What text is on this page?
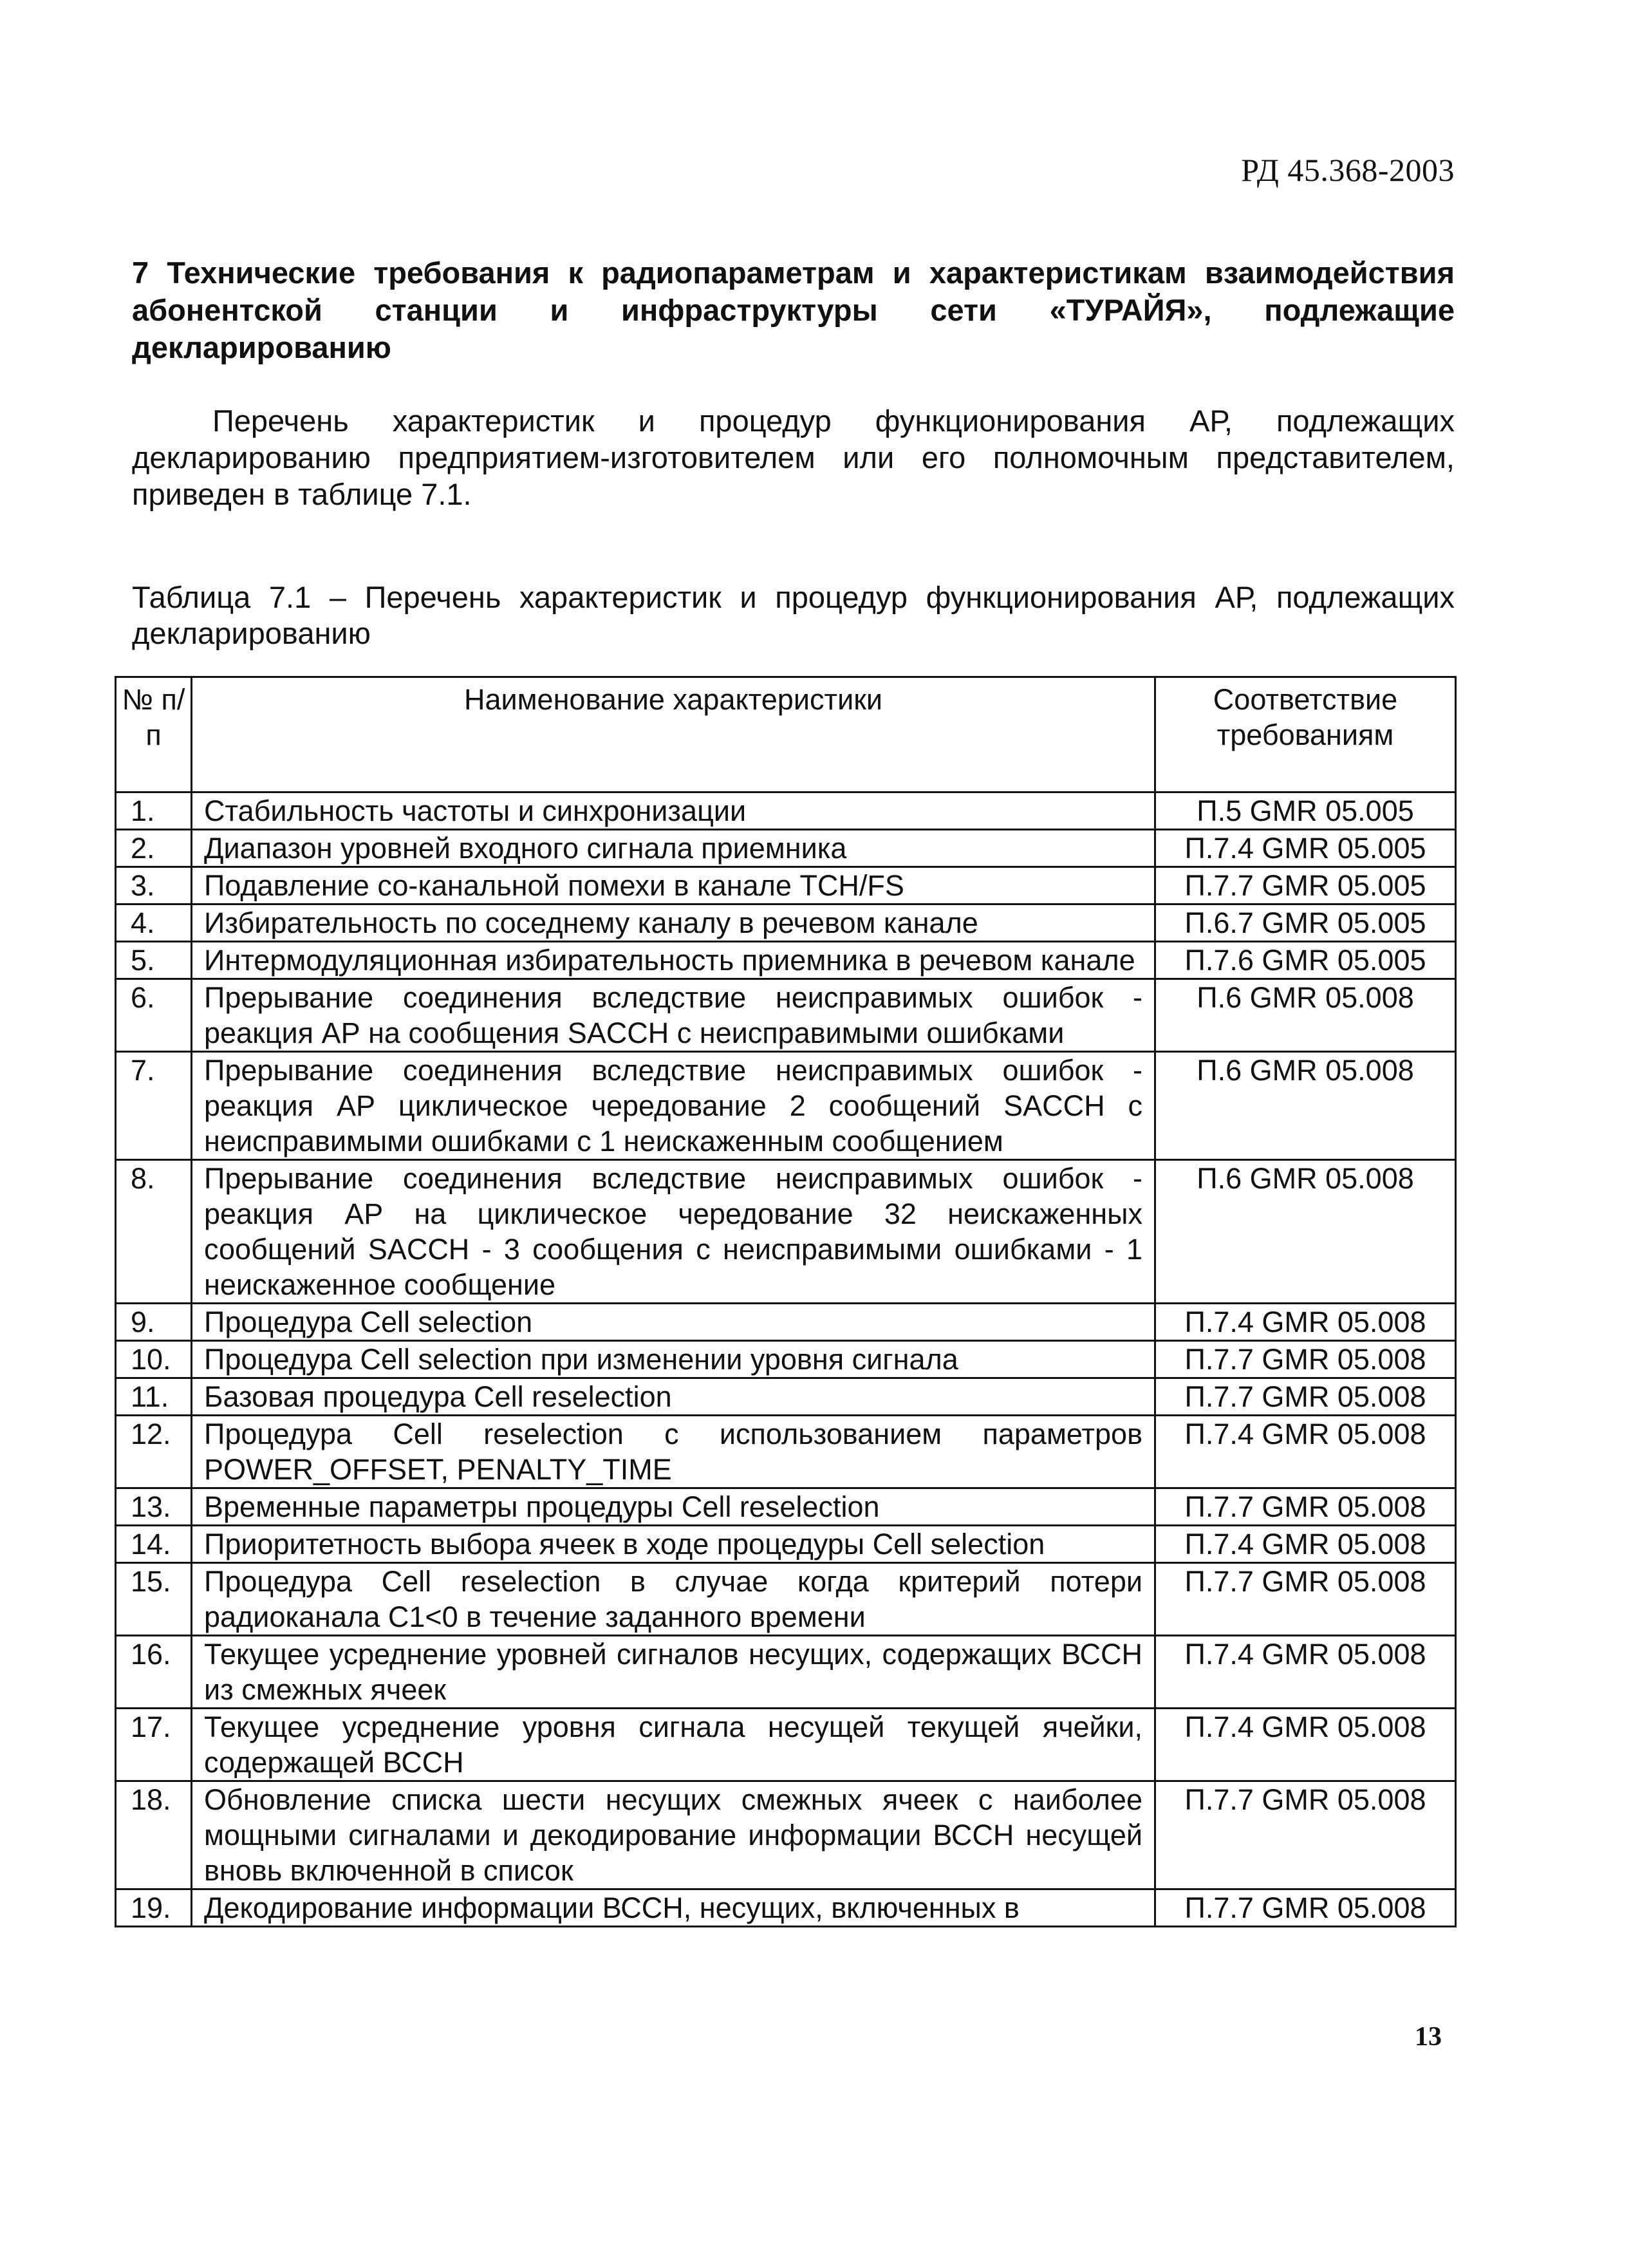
РД 45.368-2003
7 Технические требования к радиопараметрам и характеристикам взаимодействия абонентской станции и инфраструктуры сети «ТУРАЙЯ», подлежащие декларированию

Перечень характеристик и процедур функционирования АР, подлежащих декларированию предприятием-изготовителем или его полномочным представителем, приведен в таблице 7.1.

Таблица 7.1 – Перечень характеристик и процедур функционирования АР, подлежащих декларированию
№ п/п	Наименование характеристики	Соответствие требованиям
1.	Стабильность частоты и синхронизации	П.5 GMR 05.005
2.	Диапазон уровней входного сигнала приемника	П.7.4 GMR 05.005
3.	Подавление со-канальной помехи в канале TCH/FS	П.7.7 GMR 05.005
4.	Избирательность по соседнему каналу в речевом канале	П.6.7 GMR 05.005
5.	Интермодуляционная избирательность приемника в речевом канале	П.7.6 GMR 05.005
6.	Прерывание соединения вследствие неисправимых ошибок - реакция АР на сообщения SACCH с неисправимыми ошибками	П.6 GMR 05.008
7.	Прерывание соединения вследствие неисправимых ошибок - реакция АР циклическое чередование 2 сообщений SACCH с неисправимыми ошибками с 1 неискаженным сообщением	П.6 GMR 05.008
8.	Прерывание соединения вследствие неисправимых ошибок - реакция АР на циклическое чередование 32 неискаженных сообщений SACCH - 3 сообщения с неисправимыми ошибками - 1 неискаженное сообщение	П.6 GMR 05.008
9.	Процедура Cell selection	П.7.4 GMR 05.008
10.	Процедура Cell selection при изменении уровня сигнала	П.7.7 GMR 05.008
11.	Базовая процедура Cell reselection	П.7.7 GMR 05.008
12.	Процедура Cell reselection с использованием параметров POWER_OFFSET, PENALTY_TIME	П.7.4 GMR 05.008
13.	Временные параметры процедуры Cell reselection	П.7.7 GMR 05.008
14.	Приоритетность выбора ячеек в ходе процедуры Cell selection	П.7.4 GMR 05.008
15.	Процедура Cell reselection в случае когда критерий потери радиоканала С1<0 в течение заданного времени	П.7.7 GMR 05.008
16.	Текущее усреднение уровней сигналов несущих, содержащих ВССН из смежных ячеек	П.7.4 GMR 05.008
17.	Текущее усреднение уровня сигнала несущей текущей ячейки, содержащей ВССН	П.7.4 GMR 05.008
18.	Обновление списка шести несущих смежных ячеек с наиболее мощными сигналами и декодирование информации ВССН несущей вновь включенной в список	П.7.7 GMR 05.008
19.	Декодирование информации ВССН, несущих, включенных в	П.7.7 GMR 05.008
13
